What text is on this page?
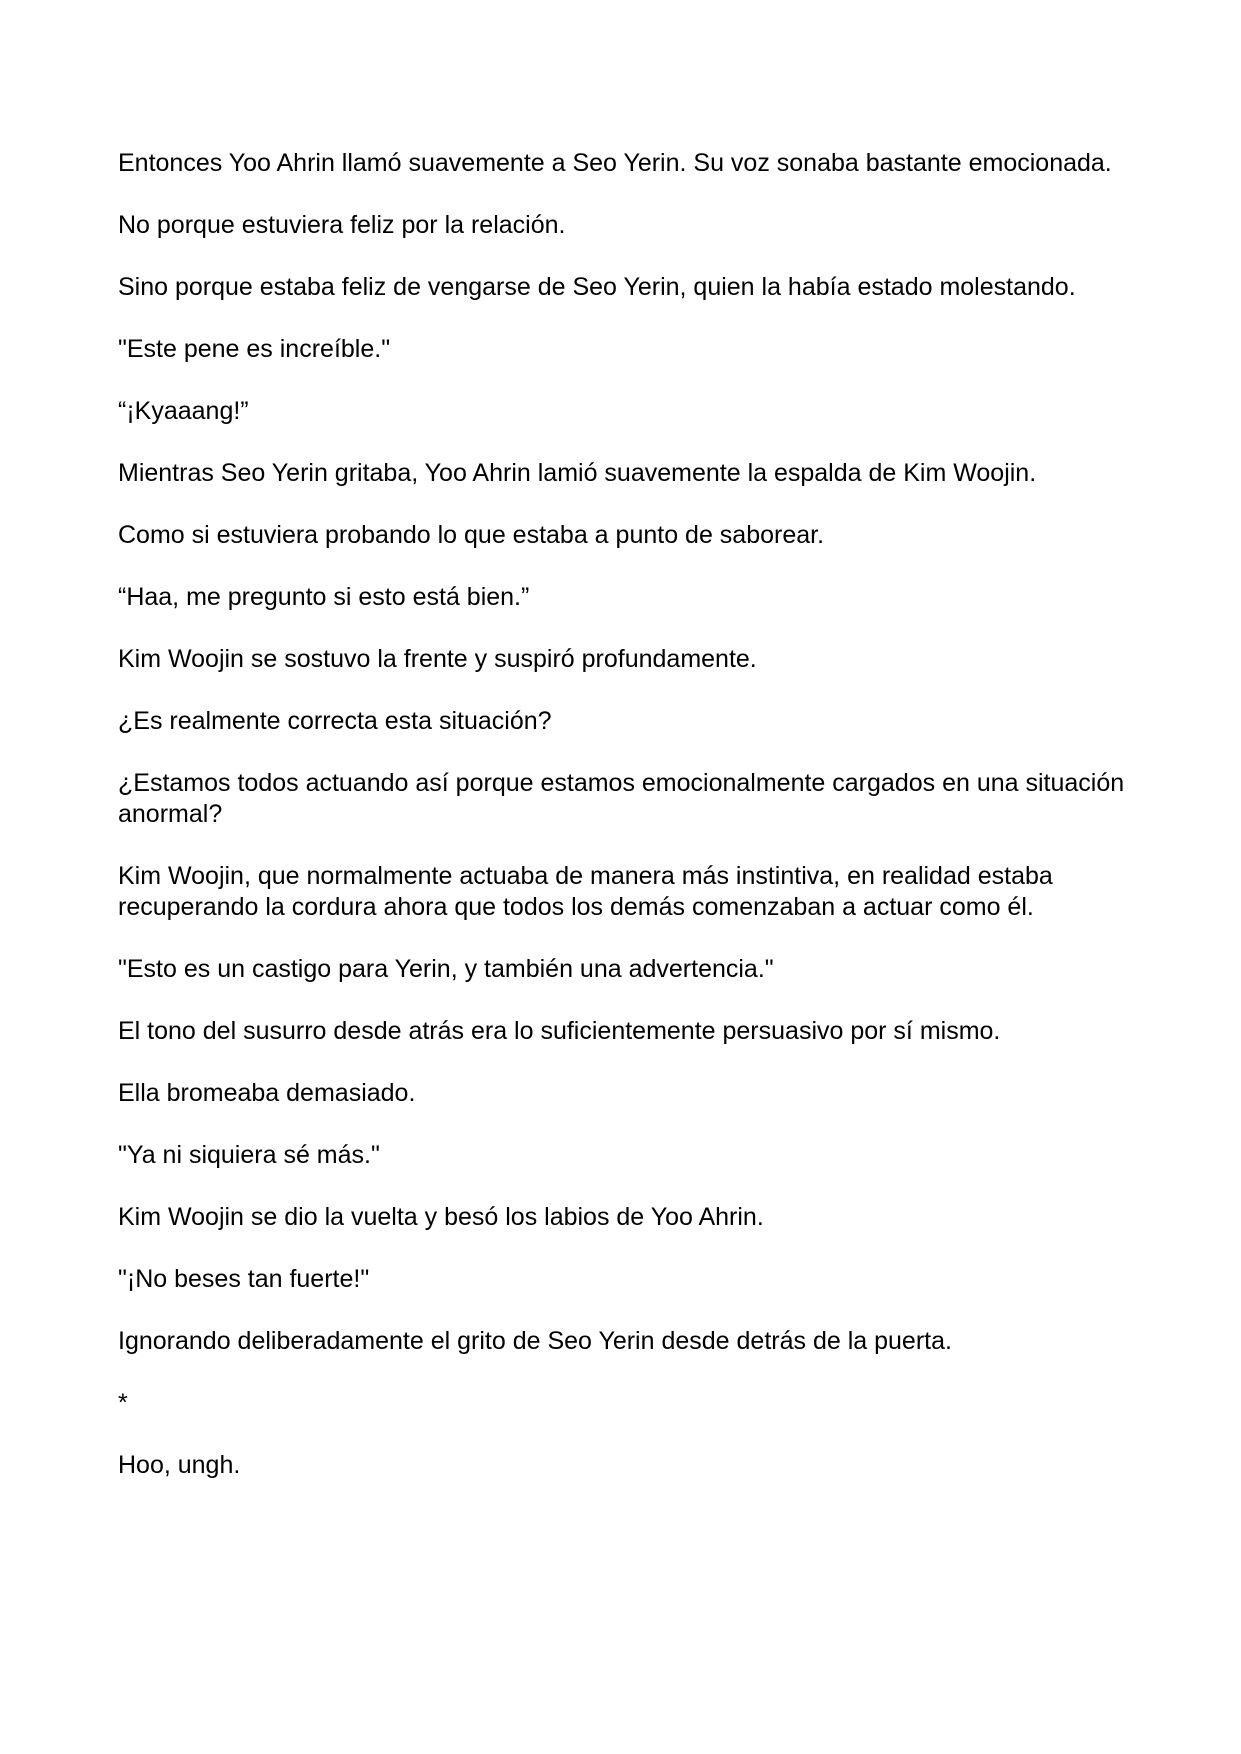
Entonces Yoo Ahrin llamó suavemente a Seo Yerin. Su voz sonaba bastante emocionada.

No porque estuviera feliz por la relación.

Sino porque estaba feliz de vengarse de Seo Yerin, quien la había estado molestando.

"Este pene es increíble."

“¡Kyaaang!”

Mientras Seo Yerin gritaba, Yoo Ahrin lamió suavemente la espalda de Kim Woojin.

Como si estuviera probando lo que estaba a punto de saborear.

“Haa, me pregunto si esto está bien.”

Kim Woojin se sostuvo la frente y suspiró profundamente.

¿Es realmente correcta esta situación?

¿Estamos todos actuando así porque estamos emocionalmente cargados en una situación anormal?

Kim Woojin, que normalmente actuaba de manera más instintiva, en realidad estaba recuperando la cordura ahora que todos los demás comenzaban a actuar como él.

"Esto es un castigo para Yerin, y también una advertencia."

El tono del susurro desde atrás era lo suficientemente persuasivo por sí mismo.

Ella bromeaba demasiado.

"Ya ni siquiera sé más."

Kim Woojin se dio la vuelta y besó los labios de Yoo Ahrin.

"¡No beses tan fuerte!"

Ignorando deliberadamente el grito de Seo Yerin desde detrás de la puerta.

*

Hoo, ungh.
